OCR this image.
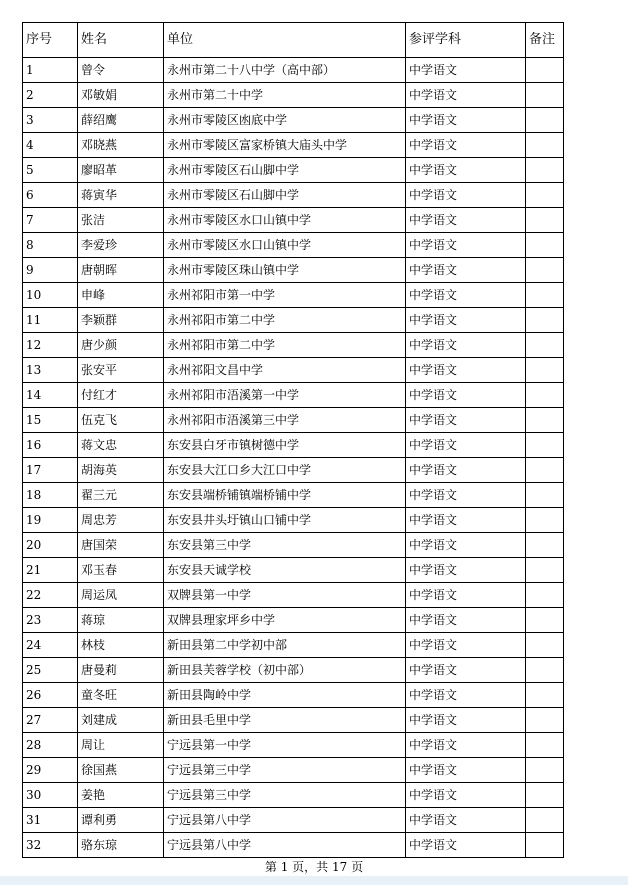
序号	姓名	单位	参评学科	备注
1	曾令	永州市第二十八中学（高中部）	中学语文	
2	邓敏娟	永州市第二十中学	中学语文	
3	薛绍鹰	永州市零陵区凼底中学	中学语文	
4	邓晓燕	永州市零陵区富家桥镇大庙头中学	中学语文	
5	廖昭革	永州市零陵区石山脚中学	中学语文	
6	蒋寅华	永州市零陵区石山脚中学	中学语文	
7	张洁	永州市零陵区水口山镇中学	中学语文	
8	李爱珍	永州市零陵区水口山镇中学	中学语文	
9	唐朝晖	永州市零陵区珠山镇中学	中学语文	
10	申峰	永州祁阳市第一中学	中学语文	
11	李颖群	永州祁阳市第二中学	中学语文	
12	唐少颜	永州祁阳市第二中学	中学语文	
13	张安平	永州祁阳文昌中学	中学语文	
14	付红才	永州祁阳市浯溪第一中学	中学语文	
15	伍克飞	永州祁阳市浯溪第三中学	中学语文	
16	蒋文忠	东安县白牙市镇树德中学	中学语文	
17	胡海英	东安县大江口乡大江口中学	中学语文	
18	翟三元	东安县端桥铺镇端桥铺中学	中学语文	
19	周忠芳	东安县井头圩镇山口铺中学	中学语文	
20	唐国荣	东安县第三中学	中学语文	
21	邓玉春	东安县天诚学校	中学语文	
22	周运凤	双牌县第一中学	中学语文	
23	蒋琼	双牌县理家坪乡中学	中学语文	
24	林枝	新田县第二中学初中部	中学语文	
25	唐曼莉	新田县芙蓉学校（初中部）	中学语文	
26	童冬旺	新田县陶岭中学	中学语文	
27	刘建成	新田县毛里中学	中学语文	
28	周让	宁远县第一中学	中学语文	
29	徐国燕	宁远县第三中学	中学语文	
30	姜艳	宁远县第三中学	中学语文	
31	谭利勇	宁远县第八中学	中学语文	
32	骆东琼	宁远县第八中学	中学语文	
第 1 页，共 17 页
